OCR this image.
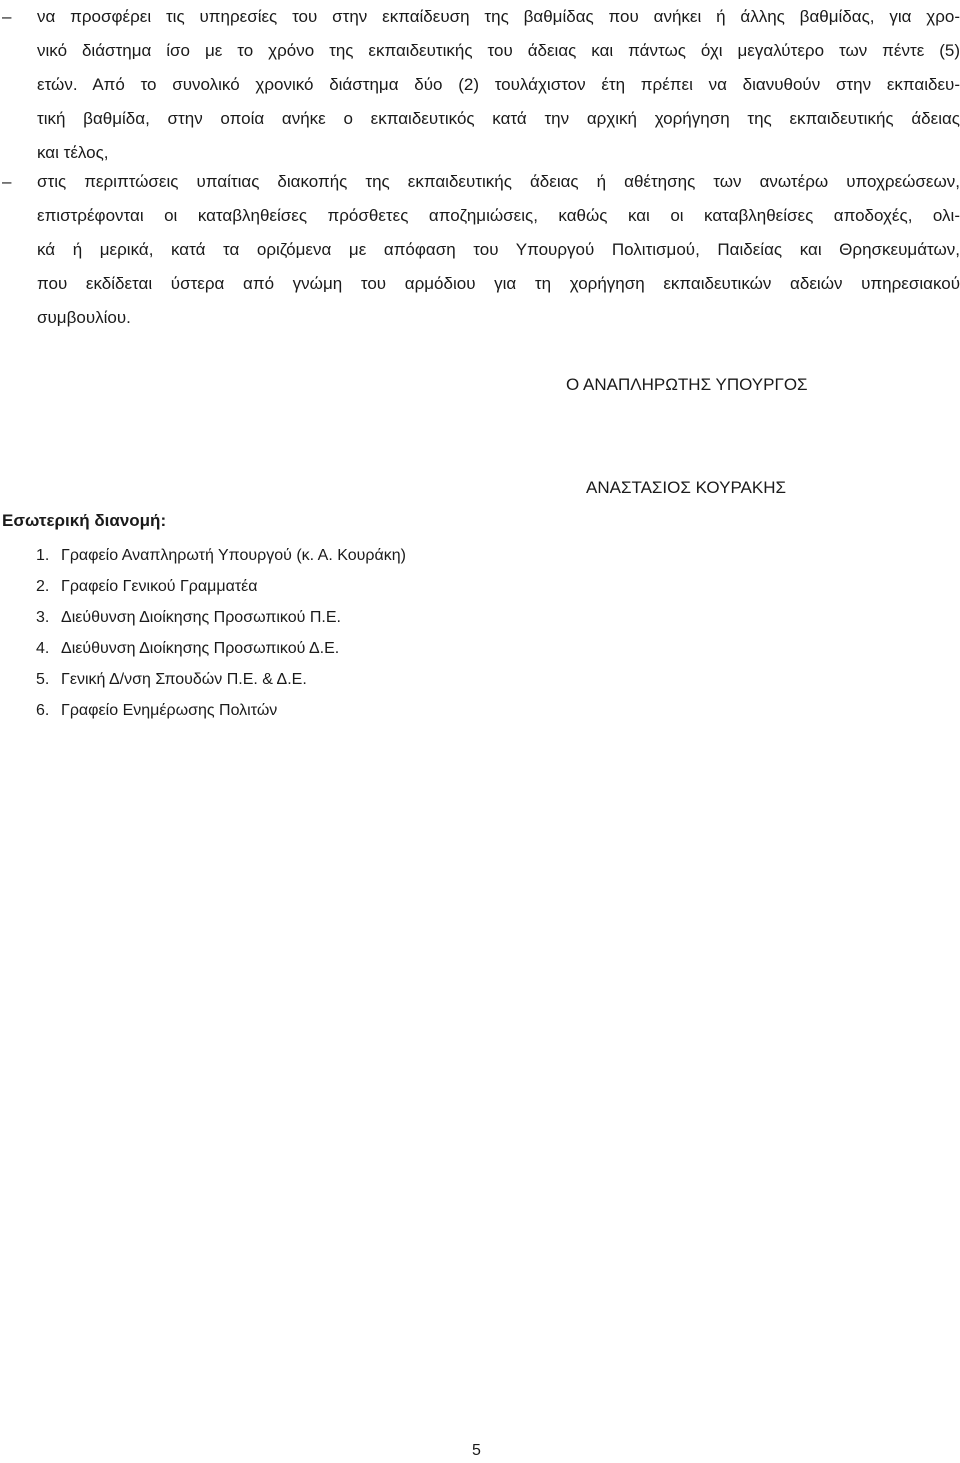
– να προσφέρει τις υπηρεσίες του στην εκπαίδευση της βαθμίδας που ανήκει ή άλλης βαθμίδας, για χρο-
νικό διάστημα ίσο με το χρόνο της εκπαιδευτικής του άδειας και πάντως όχι μεγαλύτερο των πέντε (5)
ετών. Από το συνολικό χρονικό διάστημα δύο (2) τουλάχιστον έτη πρέπει να διανυθούν στην εκπαιδευ-
τική βαθμίδα, στην οποία ανήκε ο εκπαιδευτικός κατά την αρχική χορήγηση της εκπαιδευτικής άδειας
και τέλος,
– στις περιπτώσεις υπαίτιας διακοπής της εκπαιδευτικής άδειας ή αθέτησης των ανωτέρω υποχρεώσεων,
επιστρέφονται οι καταβληθείσες πρόσθετες αποζημιώσεις, καθώς και οι καταβληθείσες αποδοχές, ολι-
κά ή μερικά, κατά τα οριζόμενα με απόφαση του Υπουργού Πολιτισμού, Παιδείας και Θρησκευμάτων,
που εκδίδεται ύστερα από γνώμη του αρμόδιου για τη χορήγηση εκπαιδευτικών αδειών υπηρεσιακού
συμβουλίου.
Ο ΑΝΑΠΛΗΡΩΤΗΣ ΥΠΟΥΡΓΟΣ
ΑΝΑΣΤΑΣΙΟΣ ΚΟΥΡΑΚΗΣ
Εσωτερική διανομή:
1. Γραφείο Αναπληρωτή Υπουργού (κ. Α. Κουράκη)
2. Γραφείο Γενικού Γραμματέα
3. Διεύθυνση Διοίκησης Προσωπικού Π.Ε.
4. Διεύθυνση Διοίκησης Προσωπικού Δ.Ε.
5. Γενική Δ/νση Σπουδών Π.Ε. & Δ.Ε.
6. Γραφείο Ενημέρωσης Πολιτών
5
